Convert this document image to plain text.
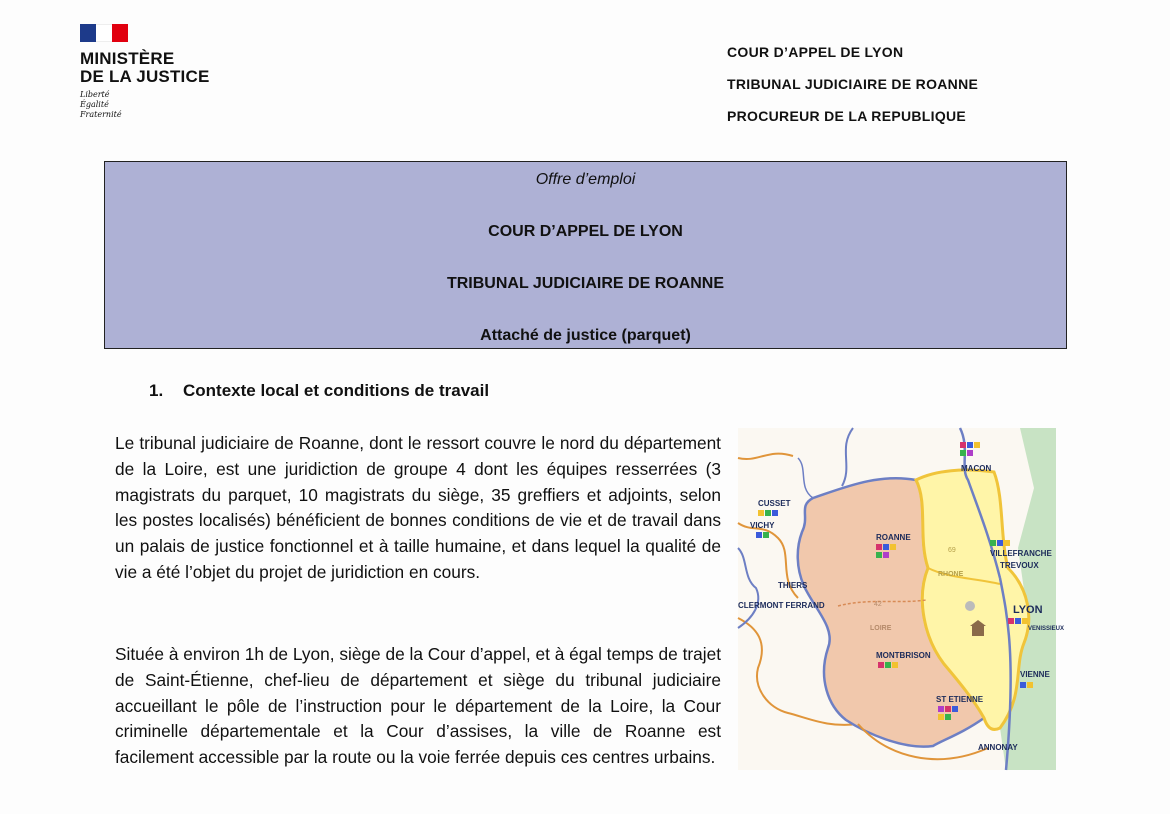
MINISTÈRE
DE LA JUSTICE
Liberté
Égalité
Fraternité
COUR D’APPEL DE LYON
TRIBUNAL JUDICIAIRE DE ROANNE
PROCUREUR DE LA REPUBLIQUE
Offre d’emploi
COUR D’APPEL DE LYON
TRIBUNAL JUDICIAIRE DE ROANNE
Attaché de justice (parquet)
1. Contexte local et conditions de travail
Le tribunal judiciaire de Roanne, dont le ressort couvre le nord du département de la Loire, est une juridiction de groupe 4 dont les équipes resserrées (3 magistrats du parquet, 10 magistrats du siège, 35 greffiers et adjoints, selon les postes localisés) bénéficient de bonnes conditions de vie et de travail dans un palais de justice fonctionnel et à taille humaine, et dans lequel la qualité de vie a été l’objet du projet de juridiction en cours.
Située à environ 1h de Lyon, siège de la Cour d’appel, et à égal temps de trajet de Saint-Étienne, chef-lieu de département et siège du tribunal judiciaire accueillant le pôle de l’instruction pour le département de la Loire, la Cour criminelle départementale et la Cour d’assises, la ville de Roanne est facilement accessible par la route ou la voie ferrée depuis ces centres urbains.
MACON
CUSSET
VICHY
ROANNE
VILLEFRANCHE
TREVOUX
THIERS
CLERMONT FERRAND	LYON
VENISSIEUX
LOIRE
RHONE
MONTBRISON
VIENNE
ST ETIENNE
ANNONAY
69
42
